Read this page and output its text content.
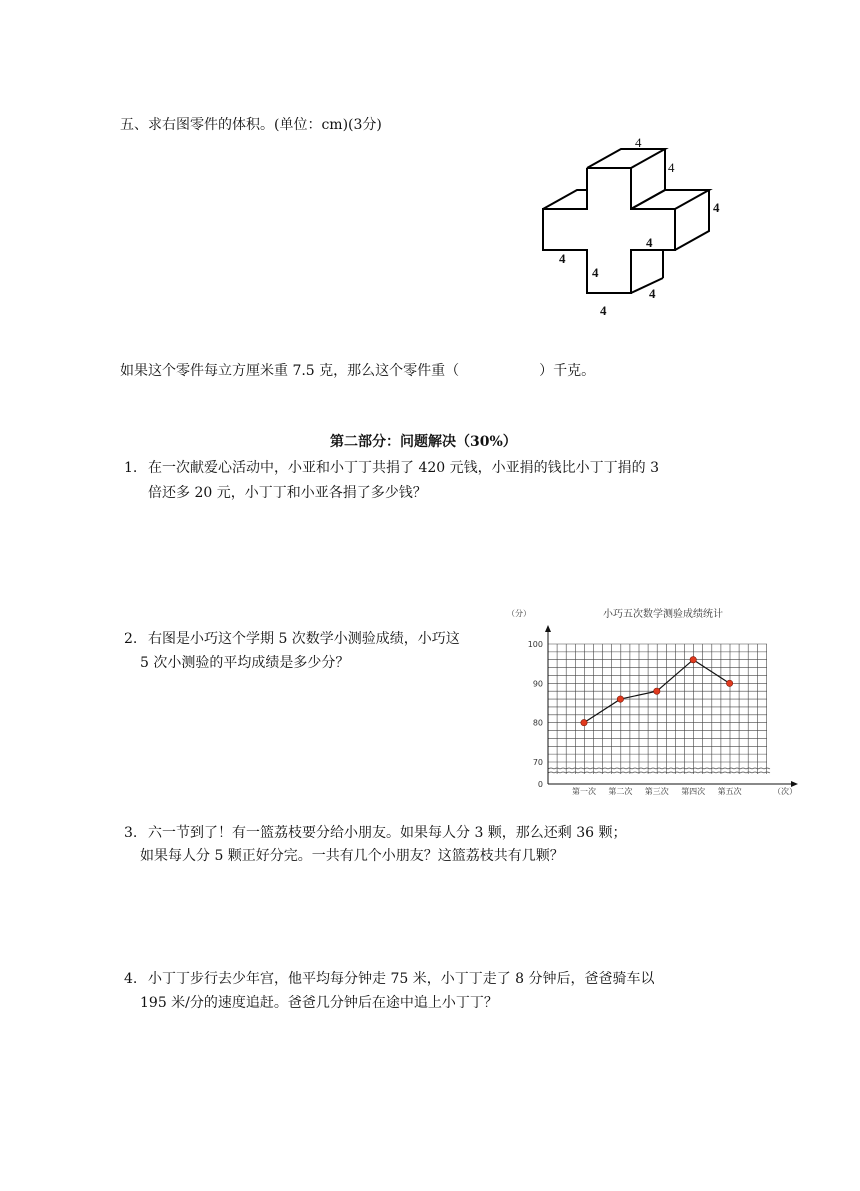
五、求右图零件的体积。(单位：cm)(3分)
4
4
4
4
4
4
4
4
如果这个零件每立方厘米重 7.5 克，那么这个零件重（	）千克。
第二部分：问题解决（30%）
1. 在一次献爱心活动中，小亚和小丁丁共捐了 420 元钱，小亚捐的钱比小丁丁捐的 3
倍还多 20 元，小丁丁和小亚各捐了多少钱？
2. 右图是小巧这个学期 5 次数学小测验成绩，小巧这
5 次小测验的平均成绩是多少分？
小巧五次数学测验成绩统计
（分）
（次）
0
70
80
90
100
第一次 第二次 第三次 第四次 第五次
3. 六一节到了！有一篮荔枝要分给小朋友。如果每人分 3 颗，那么还剩 36 颗；
如果每人分 5 颗正好分完。一共有几个小朋友？这篮荔枝共有几颗？
4. 小丁丁步行去少年宫，他平均每分钟走 75 米，小丁丁走了 8 分钟后，爸爸骑车以
195 米/分的速度追赶。爸爸几分钟后在途中追上小丁丁？
